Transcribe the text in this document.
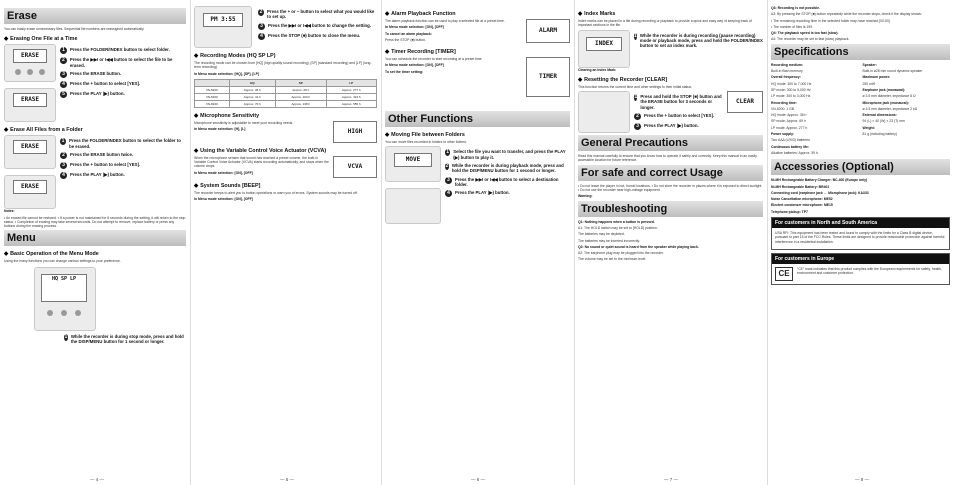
Erase
You can easily erase unnecessary files. Sequential file numbers are reassigned automatically.
◆ Erasing One File at a Time
ERASE
ERASE
1	Press the FOLDER/INDEX button to select folder.
2	Press the ▶▶I or I◀◀ button to select the file to be erased.
3	Press the ERASE button.
4	Press the + button to select [YES].
5	Press the PLAY (▶) button.
◆ Erase All Files from a Folder
ERASE
ERASE
1	Press the FOLDER/INDEX button to select the folder to be erased.
2	Press the ERASE button twice.
3	Press the + button to select [YES].
4	Press the PLAY (▶) button.
Notes:
• An erased file cannot be restored. • If a power is not maintained for 8 seconds during the setting, it will return to the stop status. • Completion of erasing may take several seconds. Do not attempt to remove, replace battery or press any buttons during the erasing process.
Menu
◆ Basic Operation of the Menu Mode
Using the many functions you can change various settings to your preference.
HQ SP LP
1 While the recorder is during stop mode, press and hold the DISP/MENU button for 1 second or longer.
— 4 —
PM 3:55
2	Press the + or − button to select what you would like to set up.
3	Press the ▶▶I or I◀◀ button to change the setting.
4	Press the STOP (■) button to close the menu.
◆ Recording Modes (HQ SP LP)
The recording mode can be chosen from [HQ] (high quality sound recording), [SP] (standard recording) and [LP] (long-term recording).
In Menu mode selection: [HQ], [SP], [LP]
	HQ	SP	LP
VN-5200	Approx. 35 h	Approx. 69 h	Approx. 277 h
VN-6200	Approx. 41 h	Approx. 103 h	Approx. 413 h
VN-8100	Approx. 70 h	Approx. 138 h	Approx. 555 h
◆ Microphone Sensitivity
Microphone sensitivity is adjustable to meet your recording needs.
In Menu mode selection: [H], [L]	HIGH
◆ Using the Variable Control Voice Actuator (VCVA)
When the microphone senses that sound has reached a preset volume, the built-in Variable Control Voice Actuator (VCVA) starts recording automatically, and stops when the volume drops.
In Menu mode selection: [ON], [OFF]
VCVA
◆ System Sounds [BEEP]
The recorder beeps to alert you to button operations or warn you of errors. System sounds may be turned off.
In Menu mode selection: [ON], [OFF]
— 5 —
◆ Alarm Playback Function
The alarm playback function can be used to play a selected file at a preset time.
In Menu mode selection: [ON], [OFF]
To cancel an alarm playback:
Press the STOP (■) button.
ALARM
◆ Timer Recording [TIMER]
You can schedule the recorder to start recording at a preset time.
In Menu mode selection: [ON], [OFF]
To set the timer setting:
TIMER
Other Functions
◆ Moving File between Folders
You can move files recorded in folders to other folders.
MOVE
1 Select the file you want to transfer, and press the PLAY (▶) button to play it.
2 While the recorder is during playback mode, press and hold the DISP/MENU button for 1 second or longer.
3	Press the ▶▶I or I◀◀ button to select a destination folder.
4	Press the PLAY (▶) button.
— 6 —
◆ Index Marks
Index marks can be placed in a file during recording or playback to provide a quick and easy way of keeping track of important sections in the file.
INDEX
1 While the recorder is during recording (pause recording) mode or playback mode, press and hold the FOLDER/INDEX button to set an index mark.
Clearing an Index Mark:
◆ Resetting the Recorder [CLEAR]
This function returns the current time and other settings to their initial status.
1 Press and hold the STOP (■) button and the ERASE button for 3 seconds or longer.
2	Press the + button to select [YES].
3	Press the PLAY (▶) button.
CLEAR
General Precautions
Read this manual carefully to ensure that you know how to operate it safely and correctly. Keep this manual in an easily accessible location for future reference.
For safe and correct Usage
• Do not leave the player in hot, humid locations. • Do not store the recorder in places where it is exposed to direct sunlight. • Do not use the recorder near high-voltage equipment.
Warning:
Troubleshooting
Q1: Nothing happens when a button is pressed.
A1: The HOLD switch may be set to [HOLD] position.
The batteries may be depleted.
The batteries may be inserted incorrectly.
Q2: No sound or quiet sound is heard from the speaker while playing back.
A2: The earphone plug may be plugged into the recorder.
The volume may be set to the minimum level.
— 7 —
Q3: Recording is not possible.
A3: By pressing the STOP (■) button repeatedly while the recorder stops, check if the display shows:
• The remaining recording time in the selected folder may have reached [00:00].
• The number of files is 199.
Q4: The playback speed is too fast (slow).
A4: The recorder may be set to fast (slow) playback.
Specifications
Recording medium:
Built-in flash memory
Overall frequency:
HQ mode: 300 to 7,000 Hz
SP mode: 300 to 5,000 Hz
LP mode: 300 to 3,000 Hz
Recording time:
VN-5200: 1 GB
HQ mode: Approx. 35 h
SP mode: Approx. 69 h
LP mode: Approx. 277 h
Power supply:
Two AAA (LR03) batteries
Continuous battery life:
Alkaline batteries: Approx. 39 h
Speaker:
Built-in ø28 mm round dynamic speaker
Maximum power:
250 mW
Earphone jack (monaural):
ø 3.5 mm diameter, impedance 8 Ω
Microphone jack (monaural):
ø 3.5 mm diameter, impedance 2 kΩ
External dimensions:
94 (L) × 40 (W) × 23 (T) mm
Weight:
81 g (including battery)
Accessories (Optional)
Ni-MH Rechargeable Battery Charger: BC-400 (Europe only)
Ni-MH Rechargeable Battery: BR401
Connecting cord (earphone jack ↔ Microphone jack): KA333
Noise Cancellation microphone: ME52
Electret condenser microphone: ME15
Telephone pickup: TP7
For customers in North and South America
USA RFI: This equipment has been tested and found to comply with the limits for a Class B digital device, pursuant to part 15 of the FCC Rules. These limits are designed to provide reasonable protection against harmful interference in a residential installation.
For customers in Europe
CE	"CE" mark indicates that this product complies with the European requirements for safety, health, environment and customer protection.
— 8 —
